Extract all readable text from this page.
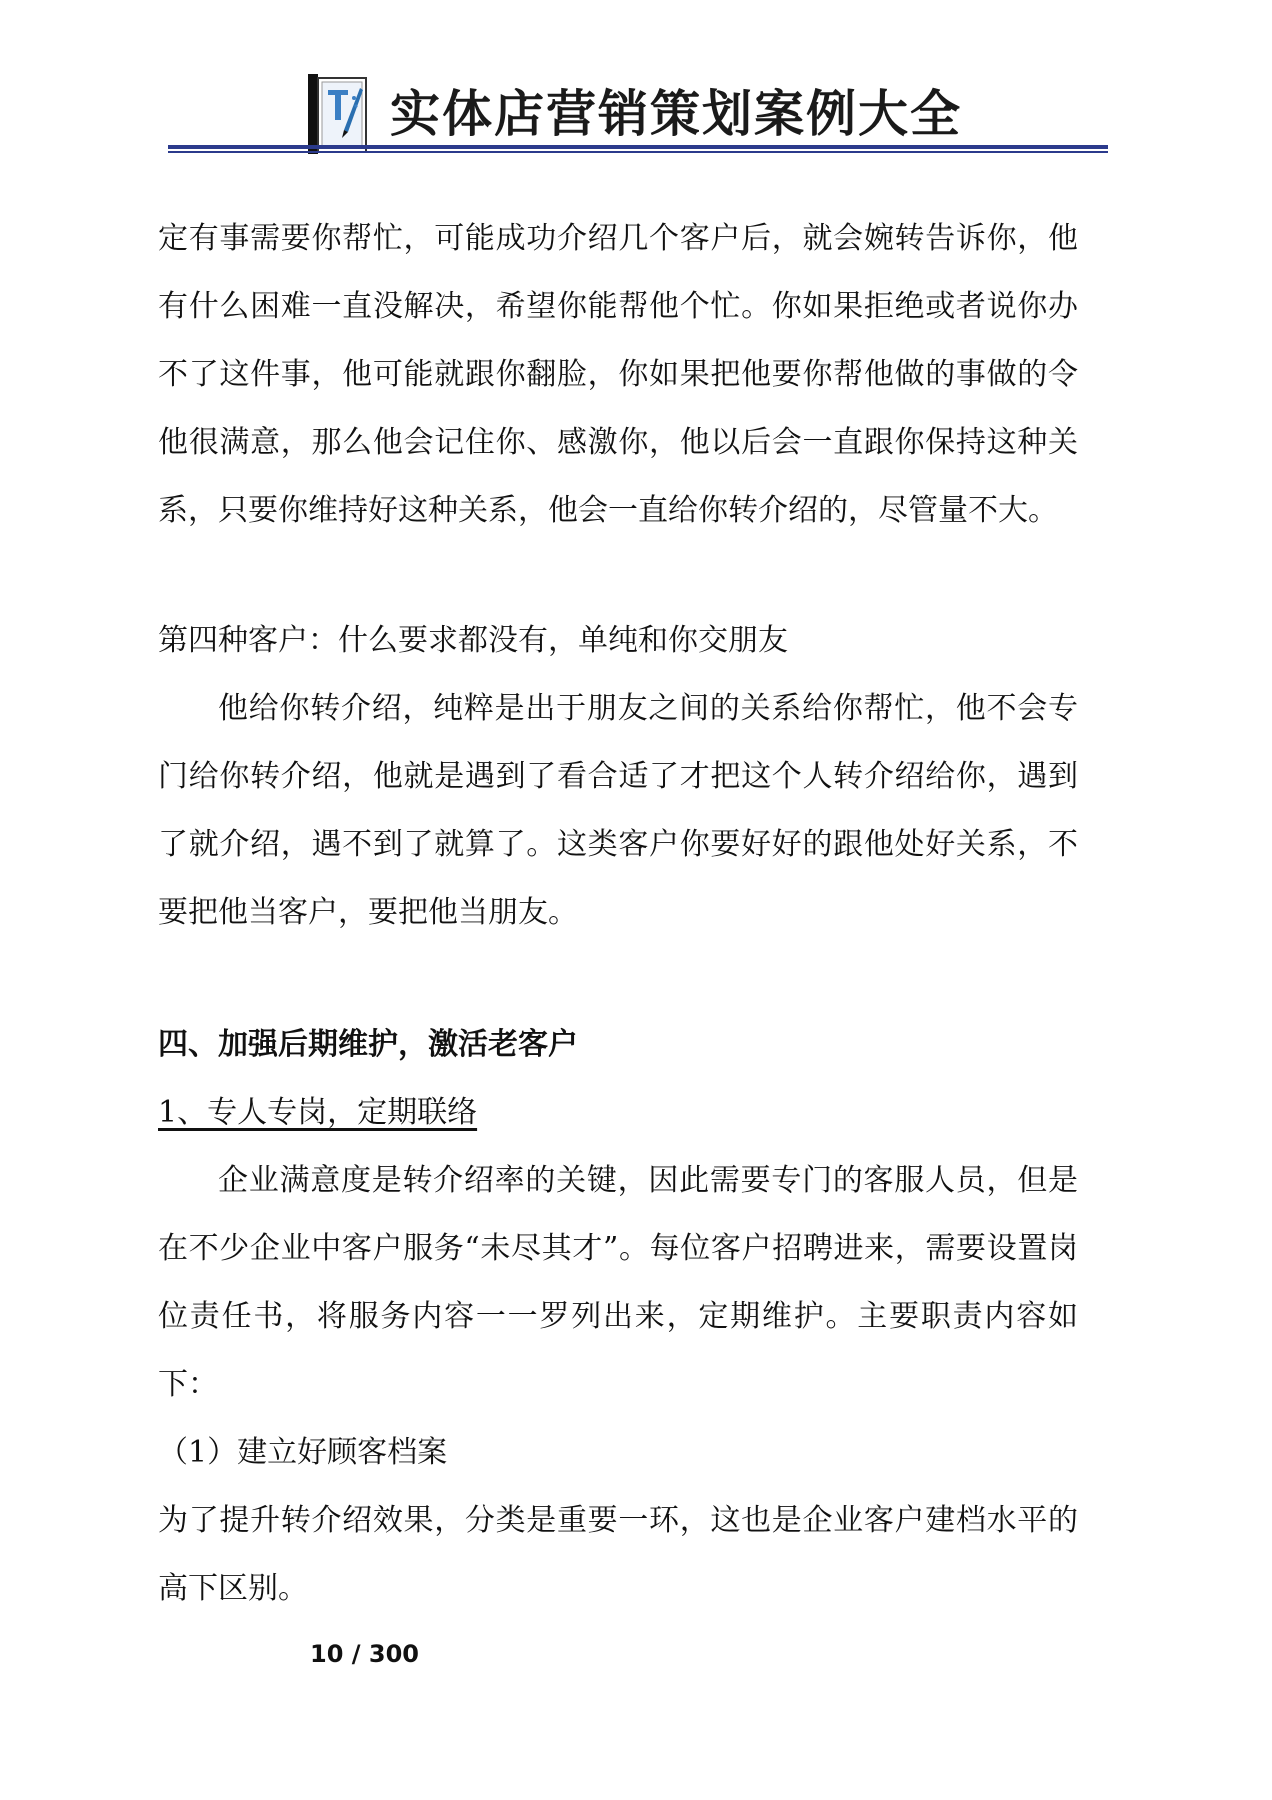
实体店营销策划案例大全

定有事需要你帮忙，可能成功介绍几个客户后，就会婉转告诉你，他有什么困难一直没解决，希望你能帮他个忙。你如果拒绝或者说你办不了这件事，他可能就跟你翻脸，你如果把他要你帮他做的事做的令他很满意，那么他会记住你、感激你，他以后会一直跟你保持这种关系，只要你维持好这种关系，他会一直给你转介绍的，尽管量不大。

第四种客户：什么要求都没有，单纯和你交朋友

他给你转介绍，纯粹是出于朋友之间的关系给你帮忙，他不会专门给你转介绍，他就是遇到了看合适了才把这个人转介绍给你，遇到了就介绍，遇不到了就算了。这类客户你要好好的跟他处好关系，不要把他当客户，要把他当朋友。

四、加强后期维护，激活老客户

1、专人专岗，定期联络

企业满意度是转介绍率的关键，因此需要专门的客服人员，但是在不少企业中客户服务“未尽其才”。每位客户招聘进来，需要设置岗位责任书，将服务内容一一罗列出来，定期维护。主要职责内容如下：

（1）建立好顾客档案

为了提升转介绍效果，分类是重要一环，这也是企业客户建档水平的高下区别。

10 / 300
